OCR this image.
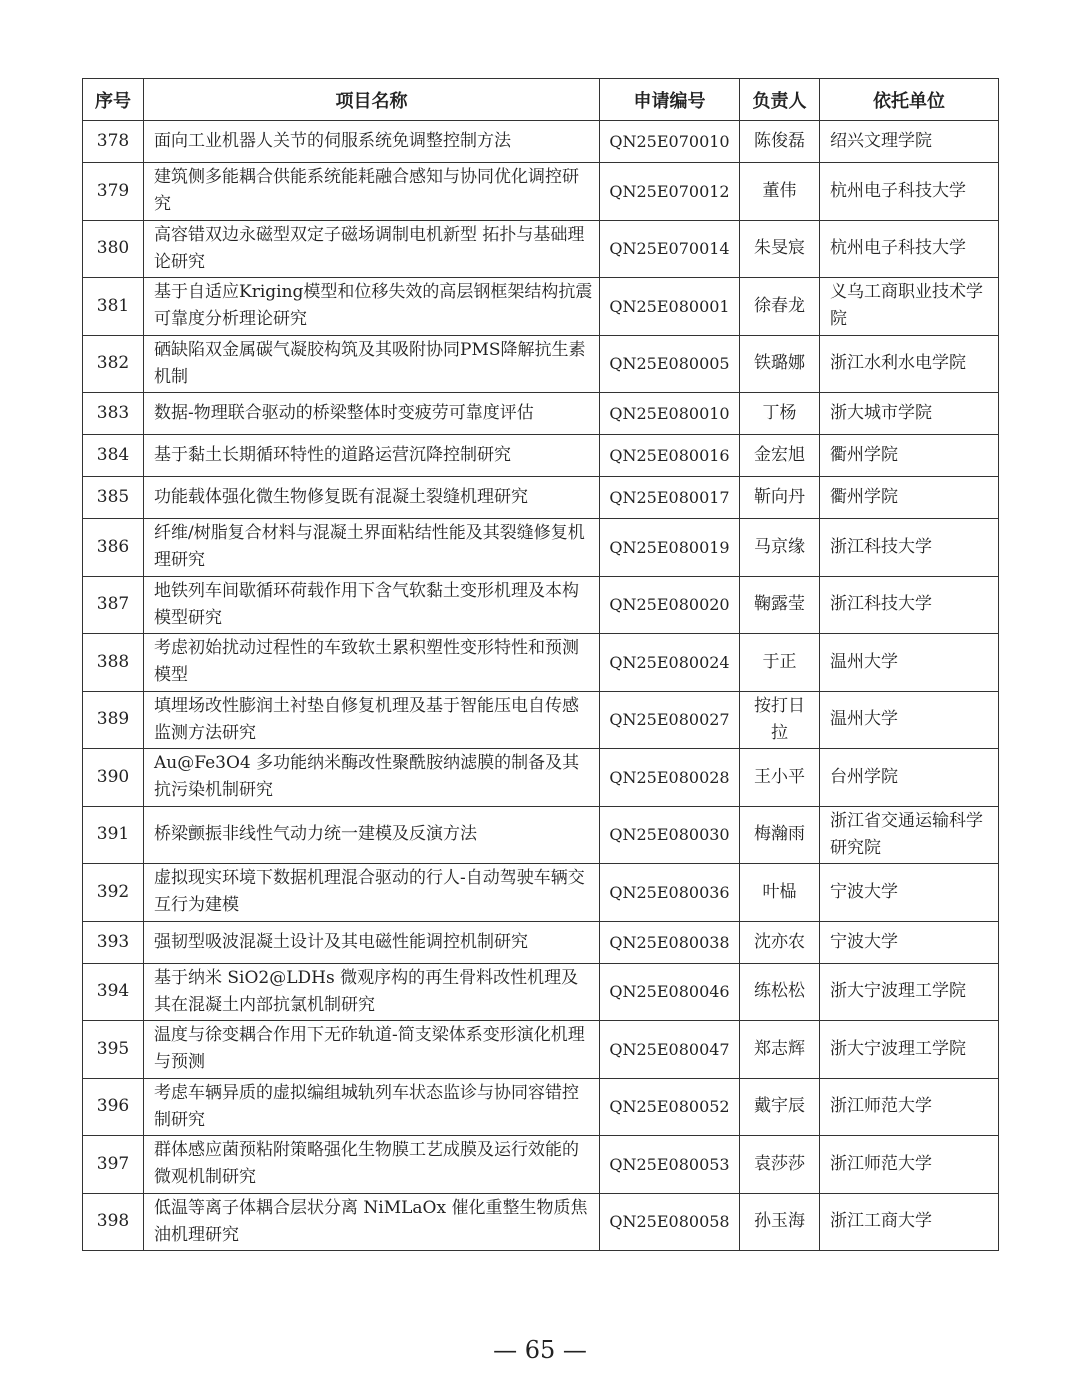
序号	项目名称	申请编号	负责人	依托单位
378	面向工业机器人关节的伺服系统免调整控制方法	QN25E070010	陈俊磊	绍兴文理学院
379	建筑侧多能耦合供能系统能耗融合感知与协同优化调控研究	QN25E070012	董伟	杭州电子科技大学
380	高容错双边永磁型双定子磁场调制电机新型 拓扑与基础理论研究	QN25E070014	朱旻宸	杭州电子科技大学
381	基于自适应Kriging模型和位移失效的高层钢框架结构抗震可靠度分析理论研究	QN25E080001	徐春龙	义乌工商职业技术学院
382	硒缺陷双金属碳气凝胶构筑及其吸附协同PMS降解抗生素机制	QN25E080005	铁璐娜	浙江水利水电学院
383	数据-物理联合驱动的桥梁整体时变疲劳可靠度评估	QN25E080010	丁杨	浙大城市学院
384	基于黏土长期循环特性的道路运营沉降控制研究	QN25E080016	金宏旭	衢州学院
385	功能载体强化微生物修复既有混凝土裂缝机理研究	QN25E080017	靳向丹	衢州学院
386	纤维/树脂复合材料与混凝土界面粘结性能及其裂缝修复机理研究	QN25E080019	马京缘	浙江科技大学
387	地铁列车间歇循环荷载作用下含气软黏土变形机理及本构模型研究	QN25E080020	鞠露莹	浙江科技大学
388	考虑初始扰动过程性的车致软土累积塑性变形特性和预测模型	QN25E080024	于正	温州大学
389	填埋场改性膨润土衬垫自修复机理及基于智能压电自传感监测方法研究	QN25E080027	按打日拉	温州大学
390	Au@Fe3O4 多功能纳米酶改性聚酰胺纳滤膜的制备及其抗污染机制研究	QN25E080028	王小平	台州学院
391	桥梁颤振非线性气动力统一建模及反演方法	QN25E080030	梅瀚雨	浙江省交通运输科学研究院
392	虚拟现实环境下数据机理混合驱动的行人-自动驾驶车辆交互行为建模	QN25E080036	叶榀	宁波大学
393	强韧型吸波混凝土设计及其电磁性能调控机制研究	QN25E080038	沈亦农	宁波大学
394	基于纳米 SiO2@LDHs 微观序构的再生骨料改性机理及其在混凝土内部抗氯机制研究	QN25E080046	练松松	浙大宁波理工学院
395	温度与徐变耦合作用下无砟轨道-简支梁体系变形演化机理与预测	QN25E080047	郑志辉	浙大宁波理工学院
396	考虑车辆异质的虚拟编组城轨列车状态监诊与协同容错控制研究	QN25E080052	戴宇辰	浙江师范大学
397	群体感应菌预粘附策略强化生物膜工艺成膜及运行效能的微观机制研究	QN25E080053	袁莎莎	浙江师范大学
398	低温等离子体耦合层状分离 NiMLaOx 催化重整生物质焦油机理研究	QN25E080058	孙玉海	浙江工商大学
— 65 —
